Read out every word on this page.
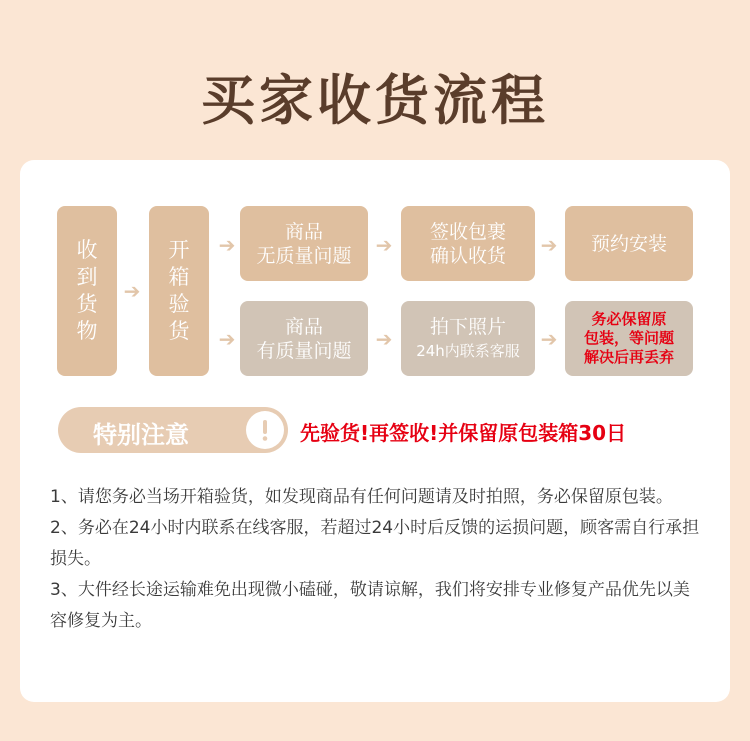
买家收货流程
收
到
货
物
➔
开
箱
验
货
➔
商品
无质量问题 ➔
签收包裹
确认收货 ➔ 预约安装
➔
商品
有质量问题 ➔
拍下照片
24h内联系客服 ➔
务必保留原
包装，等问题
解决后再丢弃
特别注意	先验货!再签收!并保留原包装箱30日

1、请您务必当场开箱验货，如发现商品有任何问题请及时拍照，务必保留原包装。

2、务必在24小时内联系在线客服，若超过24小时后反馈的运损问题，顾客需自行承担损失。

3、大件经长途运输难免出现微小磕碰，敬请谅解，我们将安排专业修复产品优先以美容修复为主。
